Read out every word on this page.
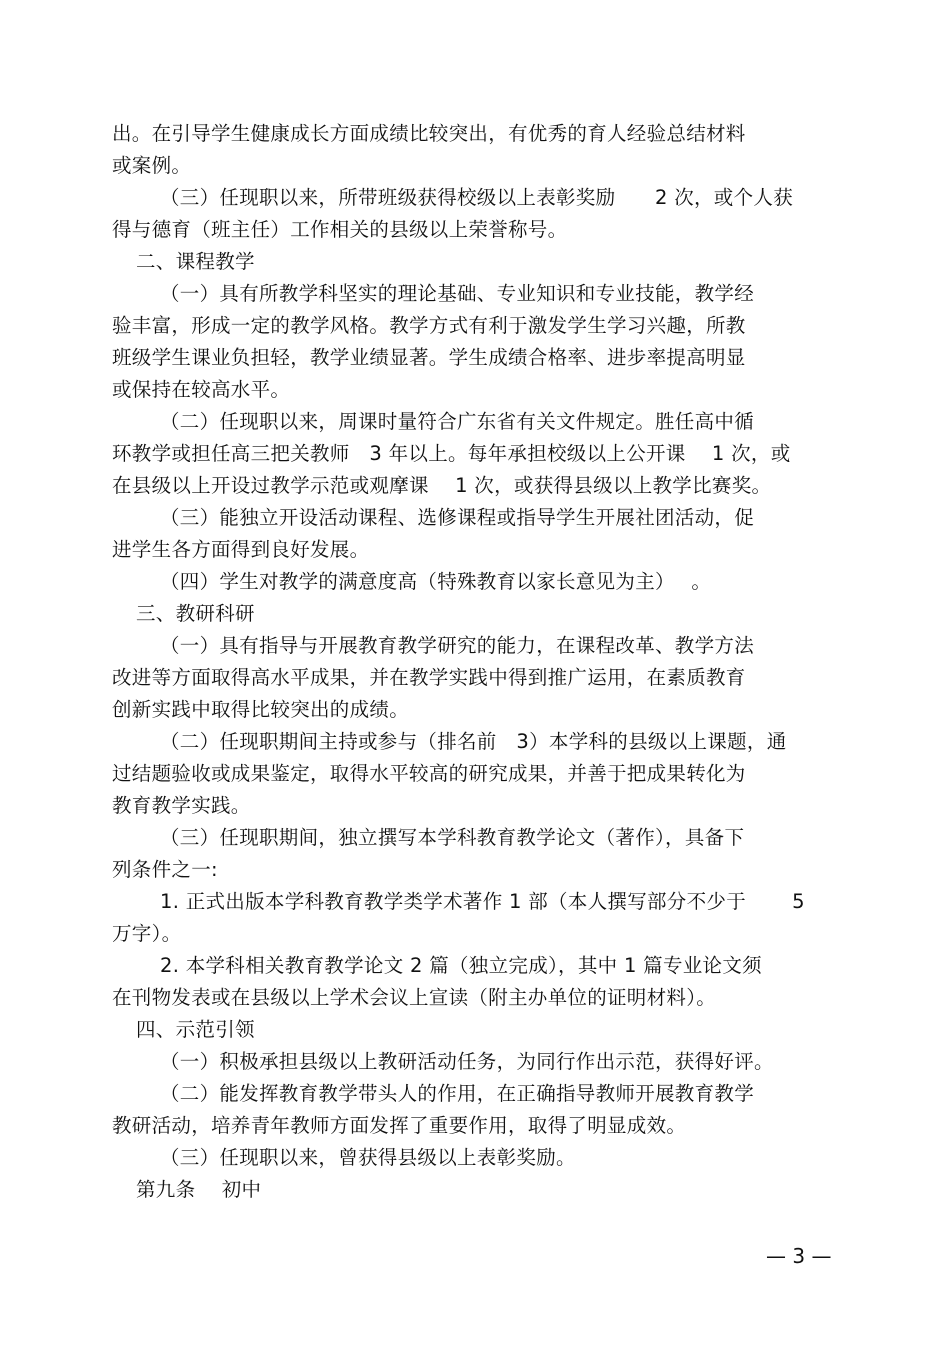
出。在引导学生健康成长方面成绩比较突出，有优秀的育人经验总结材料
或案例。
（三）任现职以来，所带班级获得校级以上表彰奖励　　2 次，或个人获
得与德育（班主任）工作相关的县级以上荣誉称号。
二、课程教学
（一）具有所教学科坚实的理论基础、专业知识和专业技能，教学经
验丰富，形成一定的教学风格。教学方式有利于激发学生学习兴趣，所教
班级学生课业负担轻，教学业绩显著。学生成绩合格率、进步率提高明显
或保持在较高水平。
（二）任现职以来，周课时量符合广东省有关文件规定。胜任高中循
环教学或担任高三把关教师　3 年以上。每年承担校级以上公开课　 1 次，或
在县级以上开设过教学示范或观摩课　 1 次，或获得县级以上教学比赛奖。
（三）能独立开设活动课程、选修课程或指导学生开展社团活动，促
进学生各方面得到良好发展。
（四）学生对教学的满意度高（特殊教育以家长意见为主）　 。
三、教研科研
（一）具有指导与开展教育教学研究的能力，在课程改革、教学方法
改进等方面取得高水平成果，并在教学实践中得到推广运用，在素质教育
创新实践中取得比较突出的成绩。
（二）任现职期间主持或参与（排名前　3）本学科的县级以上课题，通
过结题验收或成果鉴定，取得水平较高的研究成果，并善于把成果转化为
教育教学实践。
（三）任现职期间，独立撰写本学科教育教学论文（著作），具备下
列条件之一:
1. 正式出版本学科教育教学类学术著作 1 部（本人撰写部分不少于　　 5
万字）。
2. 本学科相关教育教学论文 2 篇（独立完成），其中 1 篇专业论文须
在刊物发表或在县级以上学术会议上宣读（附主办单位的证明材料）。
四、示范引领
（一）积极承担县级以上教研活动任务，为同行作出示范，获得好评。
（二）能发挥教育教学带头人的作用，在正确指导教师开展教育教学
教研活动，培养青年教师方面发挥了重要作用，取得了明显成效。
（三）任现职以来，曾获得县级以上表彰奖励。
第九条　 初中
— 3 —
